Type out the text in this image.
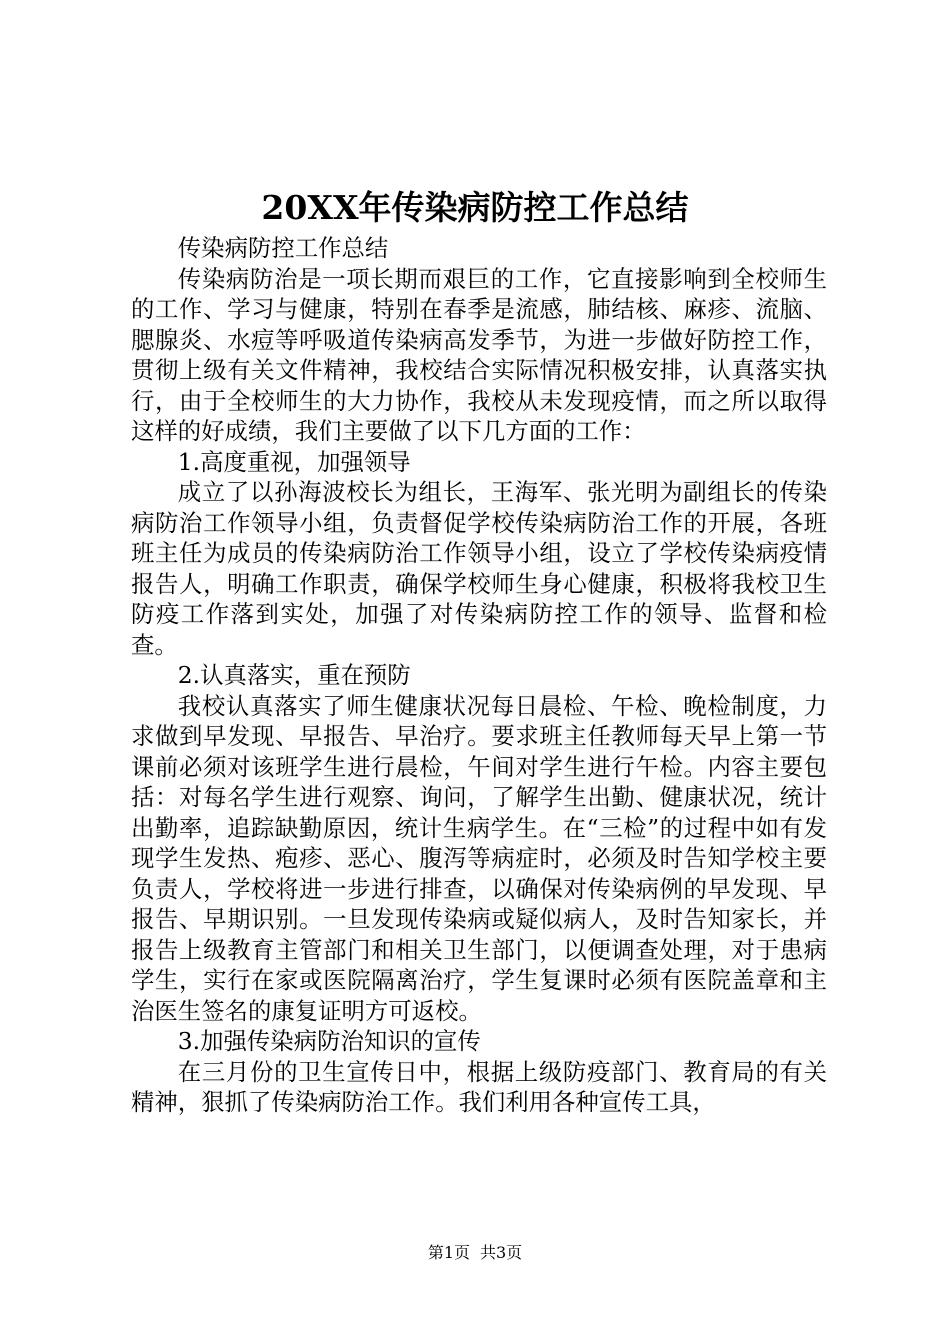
20XX年传染病防控工作总结

传染病防控工作总结

传染病防治是一项长期而艰巨的工作，它直接影响到全校师生的工作、学习与健康，特别在春季是流感，肺结核、麻疹、流脑、腮腺炎、水痘等呼吸道传染病高发季节，为进一步做好防控工作，贯彻上级有关文件精神，我校结合实际情况积极安排，认真落实执行，由于全校师生的大力协作，我校从未发现疫情，而之所以取得这样的好成绩，我们主要做了以下几方面的工作：

1.高度重视，加强领导

成立了以孙海波校长为组长，王海军、张光明为副组长的传染病防治工作领导小组，负责督促学校传染病防治工作的开展，各班班主任为成员的传染病防治工作领导小组，设立了学校传染病疫情报告人，明确工作职责，确保学校师生身心健康，积极将我校卫生防疫工作落到实处，加强了对传染病防控工作的领导、监督和检查。

2.认真落实，重在预防

我校认真落实了师生健康状况每日晨检、午检、晚检制度，力求做到早发现、早报告、早治疗。要求班主任教师每天早上第一节课前必须对该班学生进行晨检，午间对学生进行午检。内容主要包括：对每名学生进行观察、询问，了解学生出勤、健康状况，统计出勤率，追踪缺勤原因，统计生病学生。在“三检”的过程中如有发现学生发热、疱疹、恶心、腹泻等病症时，必须及时告知学校主要负责人，学校将进一步进行排查，以确保对传染病例的早发现、早报告、早期识别。一旦发现传染病或疑似病人，及时告知家长，并报告上级教育主管部门和相关卫生部门，以便调查处理，对于患病学生，实行在家或医院隔离治疗，学生复课时必须有医院盖章和主治医生签名的康复证明方可返校。

3.加强传染病防治知识的宣传

在三月份的卫生宣传日中，根据上级防疫部门、教育局的有关精神，狠抓了传染病防治工作。我们利用各种宣传工具，

第1页 共3页
